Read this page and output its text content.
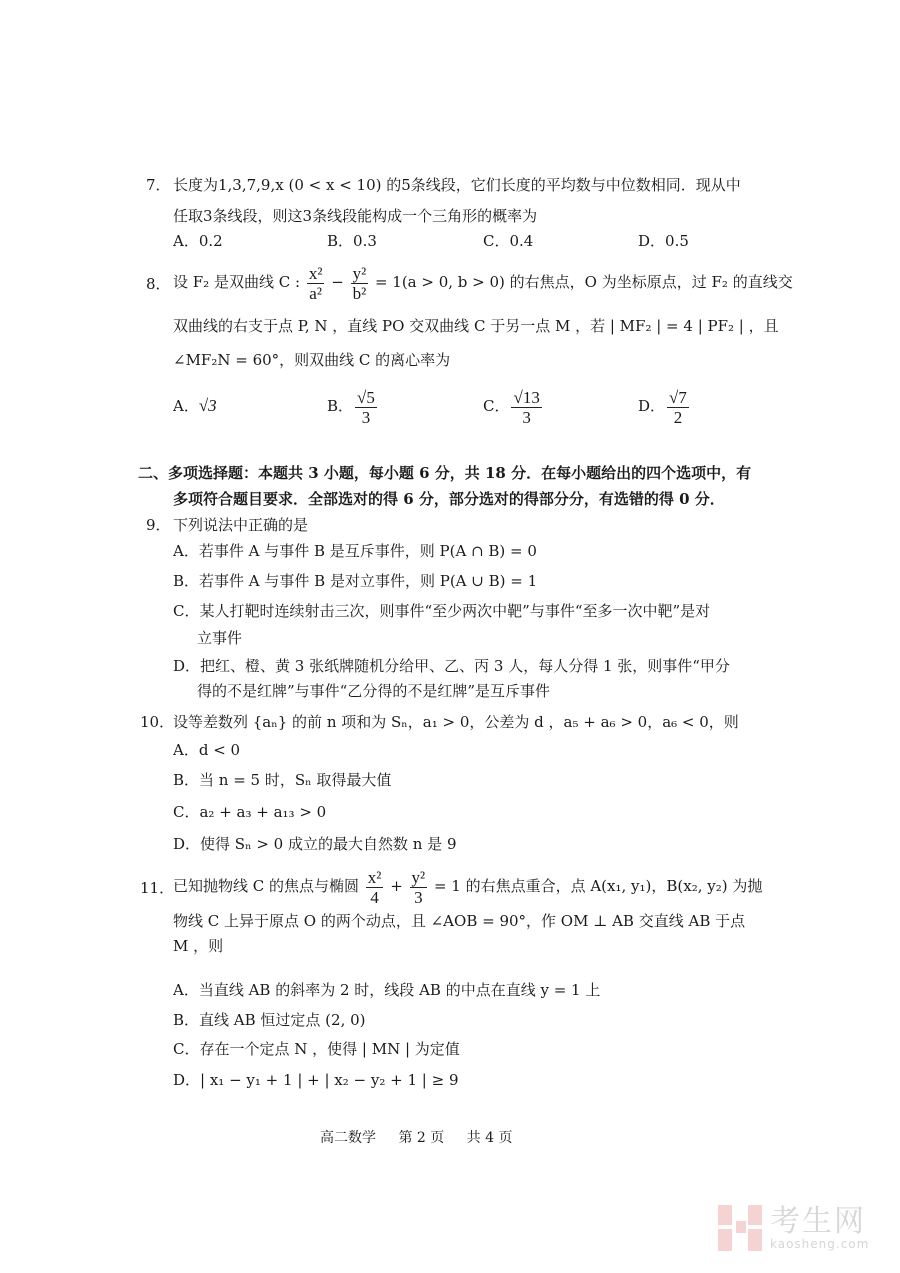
7． 长度为1,3,7,9,x (0 < x < 10) 的5条线段，它们长度的平均数与中位数相同．现从中
任取3条线段，则这3条线段能构成一个三角形的概率为
A．0.2	B．0.3	C．0.4	D．0.5
8． 设 F₂ 是双曲线 C : $\frac{\text{x²}}{\text{a²}} - \frac{\text{y²}}{\text{b²}} = 1(a > 0$, b > 0) 的右焦点，O 为坐标原点，过 F₂ 的直线交
双曲线的右支于点 P, N ，直线 PO 交双曲线 C 于另一点 M ，若 | MF₂ | = 4 | PF₂ | ，且
∠MF₂N = 60°，则双曲线 C 的离心率为
A．√3	B． $\frac{√5}{3}$	C． $\frac{√13}{3}$	D． $\frac{√7}{2}$
二、多项选择题：本题共 3 小题，每小题 6 分，共 18 分．在每小题给出的四个选项中，有
多项符合题目要求．全部选对的得 6 分，部分选对的得部分分，有选错的得 0 分．
9． 下列说法中正确的是
A．若事件 A 与事件 B 是互斥事件，则 P(A ∩ B) = 0
B．若事件 A 与事件 B 是对立事件，则 P(A ∪ B) = 1
C．某人打靶时连续射击三次，则事件“至少两次中靶”与事件“至多一次中靶”是对
立事件
D．把红、橙、黄 3 张纸牌随机分给甲、乙、丙 3 人，每人分得 1 张，则事件“甲分
得的不是红牌”与事件“乙分得的不是红牌”是互斥事件
10．
设等差数列 {aₙ} 的前 n 项和为 Sₙ，a₁ > 0，公差为 d ，a₅ + a₆ > 0，a₆ < 0，则
A．d < 0
B．当 n = 5 时，Sₙ 取得最大值
C．a₂ + a₃ + a₁₃ > 0
D．使得 Sₙ > 0 成立的最大自然数 n 是 9
11．
已知抛物线 C 的焦点与椭圆 $\frac{\text{x²}}{4} + \frac{\text{y²}}{3} = 1$ 的右焦点重合，点 A(x₁, y₁)，B(x₂, y₂) 为抛
物线 C 上异于原点 O 的两个动点，且 ∠AOB = 90°，作 OM ⊥ AB 交直线 AB 于点
M ，则
A．当直线 AB 的斜率为 2 时，线段 AB 的中点在直线 y = 1 上
B．直线 AB 恒过定点 (2, 0)
C．存在一个定点 N ，使得 | MN | 为定值
D．| x₁ − y₁ + 1 | + | x₂ − y₂ + 1 | ≥ 9
高二数学 第 2 页 共 4 页
考生网
kaosheng.com
